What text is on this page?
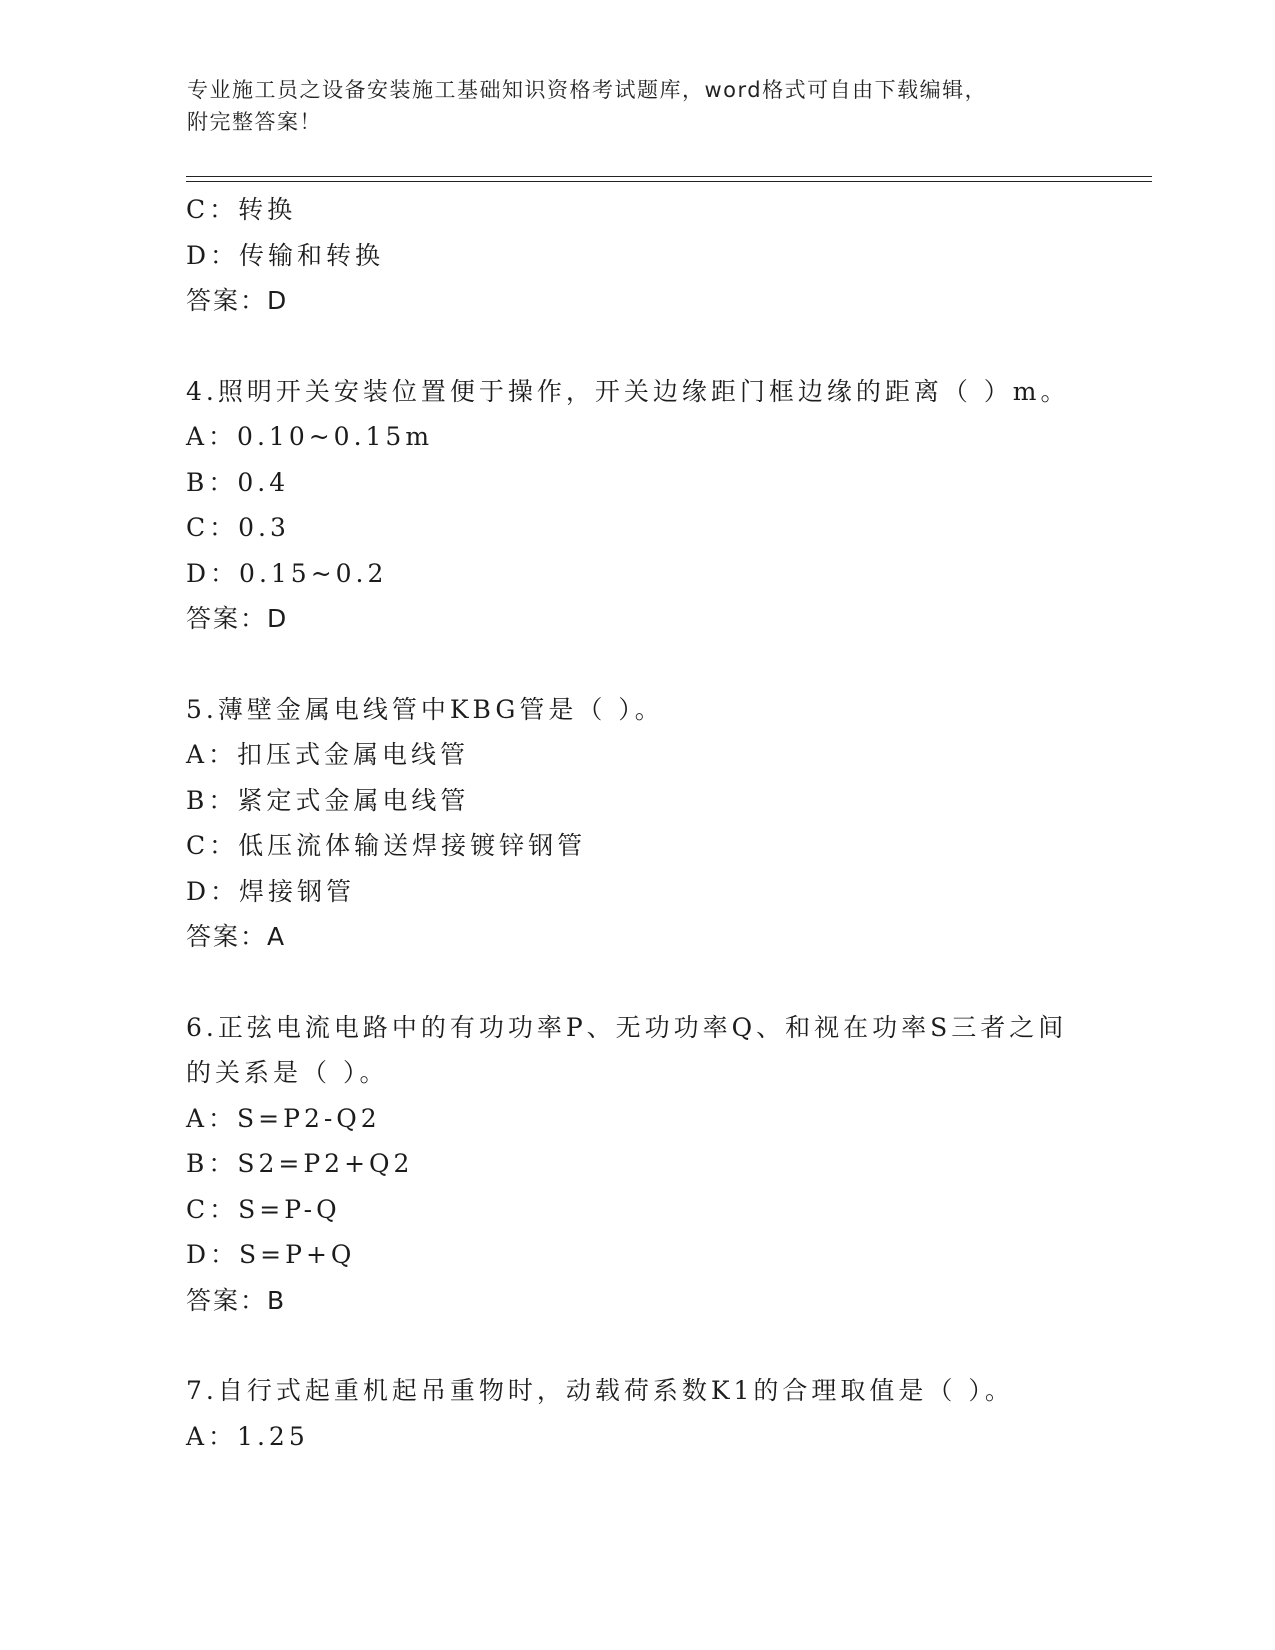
专业施工员之设备安装施工基础知识资格考试题库，word格式可自由下载编辑，
附完整答案！
C：转换
D：传输和转换
答案：D
4.照明开关安装位置便于操作，开关边缘距门框边缘的距离（ ）m。
A：0.10~0.15m
B：0.4
C：0.3
D：0.15~0.2
答案：D
5.薄壁金属电线管中KBG管是（ ）。
A：扣压式金属电线管
B：紧定式金属电线管
C：低压流体输送焊接镀锌钢管
D：焊接钢管
答案：A
6.正弦电流电路中的有功功率P、无功功率Q、和视在功率S三者之间
的关系是（ ）。
A：S=P2-Q2
B：S2=P2+Q2
C：S=P-Q
D：S=P+Q
答案：B
7.自行式起重机起吊重物时，动载荷系数K1的合理取值是（ ）。
A：1.25
